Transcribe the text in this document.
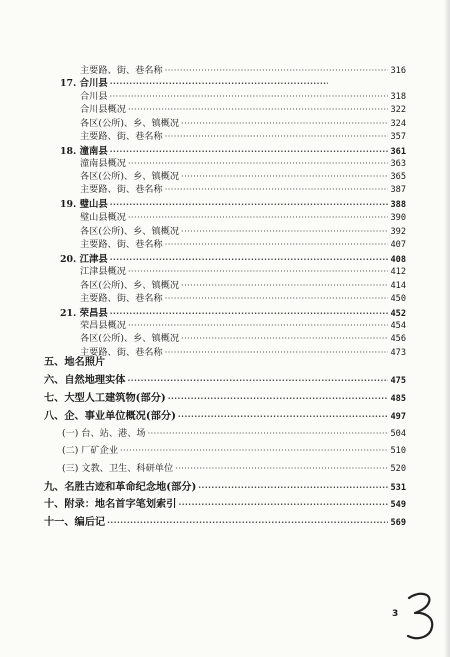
主要路、街、巷名称 ·····	316
17. 合川县
·····
合川县 ·····	318
合川县概况 ·····	322
各区(公所)、乡、镇概况 ·····	324
主要路、街、巷名称 ·····	357
18. 潼南县 ·····	361
潼南县概况 ·····	363
各区(公所)、乡、镇概况 ·····	365
主要路、街、巷名称 ·····	387
19. 璧山县 ·····	388
璧山县概况 ·····	390
各区(公所)、乡、镇概况 ·····	392
主要路、街、巷名称 ·····	407
20. 江津县 ·····	408
江津县概况 ·····	412
各区(公所)、乡、镇概况 ·····	414
主要路、街、巷名称 ·····	450
21. 荣昌县 ·····	452
荣昌县概况 ·····	454
各区(公所)、乡、镇概况 ·····	456
主要路、街、巷名称 ·····	473
五、地名照片
六、自然地理实体 ·····	475
七、大型人工建筑物(部分) ·····	485
八、企、事业单位概况(部分) ·····	497
(一) 台、站、港、场 ·····	504
(二) 厂矿企业 ·····	510
(三) 文教、卫生、科研单位 ·····	520
九、名胜古迹和革命纪念地(部分) ·····	531
十、附录：地名首字笔划索引 ·····	549
十一、编后记 ·····	569
3
